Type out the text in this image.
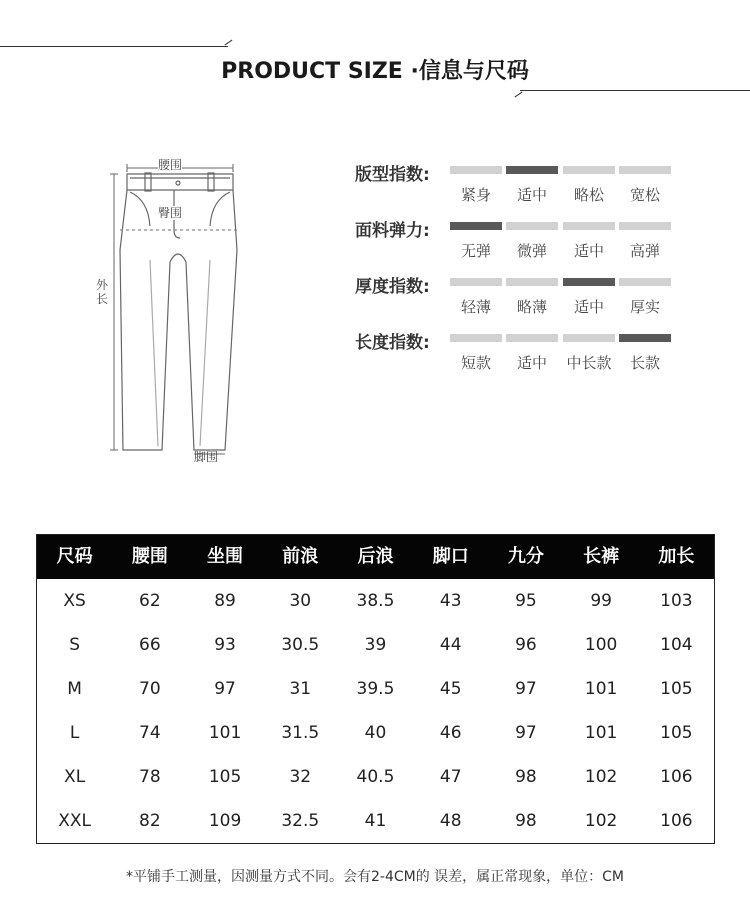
PRODUCT SIZE ·信息与尺码
腰围
臀围
外长
脚围
版型指数:
紧身	适中	略松	宽松
面料弹力:
无弹	微弹	适中	高弹
厚度指数:
轻薄	略薄	适中	厚实
长度指数:
短款	适中	中长款	长款
尺码	腰围	坐围	前浪	后浪	脚口	九分	长裤	加长
XS	62	89	30	38.5	43	95	99	103
S	66	93	30.5	39	44	96	100	104
M	70	97	31	39.5	45	97	101	105
L	74	101	31.5	40	46	97	101	105
XL	78	105	32	40.5	47	98	102	106
XXL	82	109	32.5	41	48	98	102	106
*平铺手工测量，因测量方式不同。会有2-4CM的 误差，属正常现象，单位：CM
